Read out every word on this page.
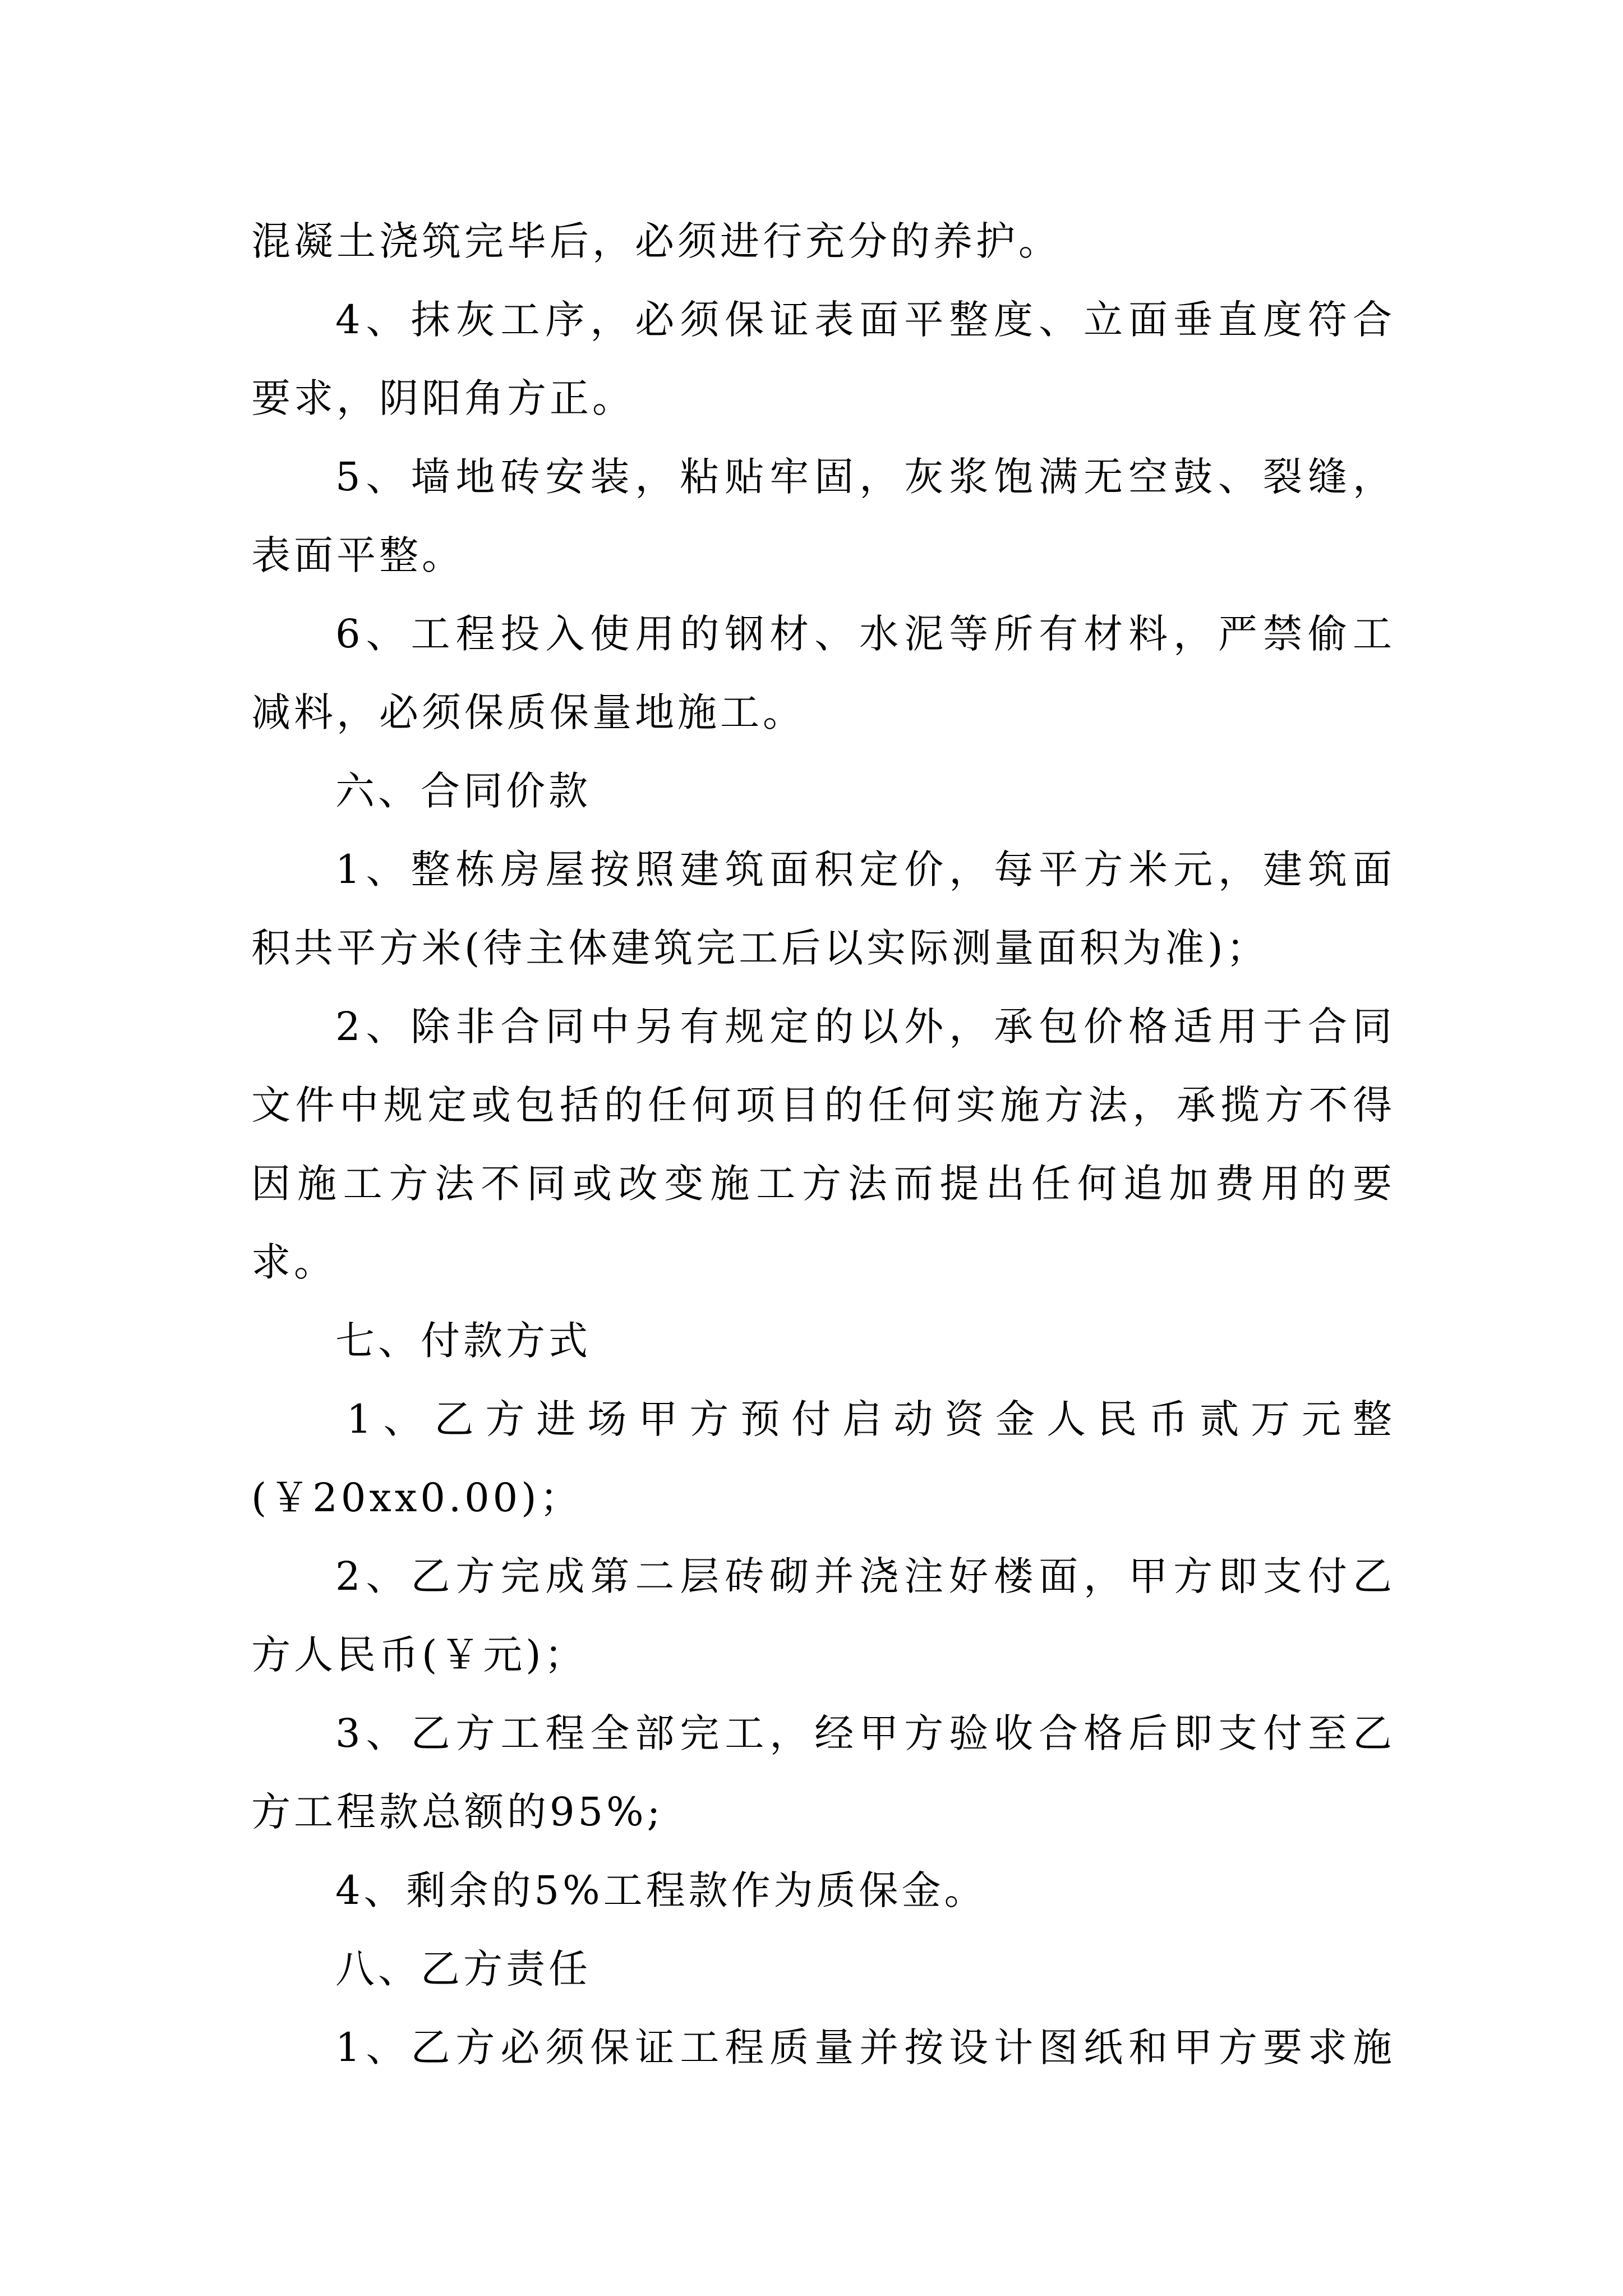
混凝土浇筑完毕后，必须进行充分的养护。
4、抹灰工序，必须保证表面平整度、立面垂直度符合
要求，阴阳角方正。
5、墙地砖安装，粘贴牢固，灰浆饱满无空鼓、裂缝，
表面平整。
6、工程投入使用的钢材、水泥等所有材料，严禁偷工
减料，必须保质保量地施工。
六、合同价款
1、整栋房屋按照建筑面积定价，每平方米元，建筑面
积共平方米(待主体建筑完工后以实际测量面积为准)；
2、除非合同中另有规定的以外，承包价格适用于合同
文件中规定或包括的任何项目的任何实施方法，承揽方不得
因施工方法不同或改变施工方法而提出任何追加费用的要
求。
七、付款方式
1、乙方进场甲方预付启动资金人民币贰万元整
(￥20xx0.00)；
2、乙方完成第二层砖砌并浇注好楼面，甲方即支付乙
方人民币(￥元)；
3、乙方工程全部完工，经甲方验收合格后即支付至乙
方工程款总额的95%;
4、剩余的5%工程款作为质保金。
八、乙方责任
1、乙方必须保证工程质量并按设计图纸和甲方要求施
